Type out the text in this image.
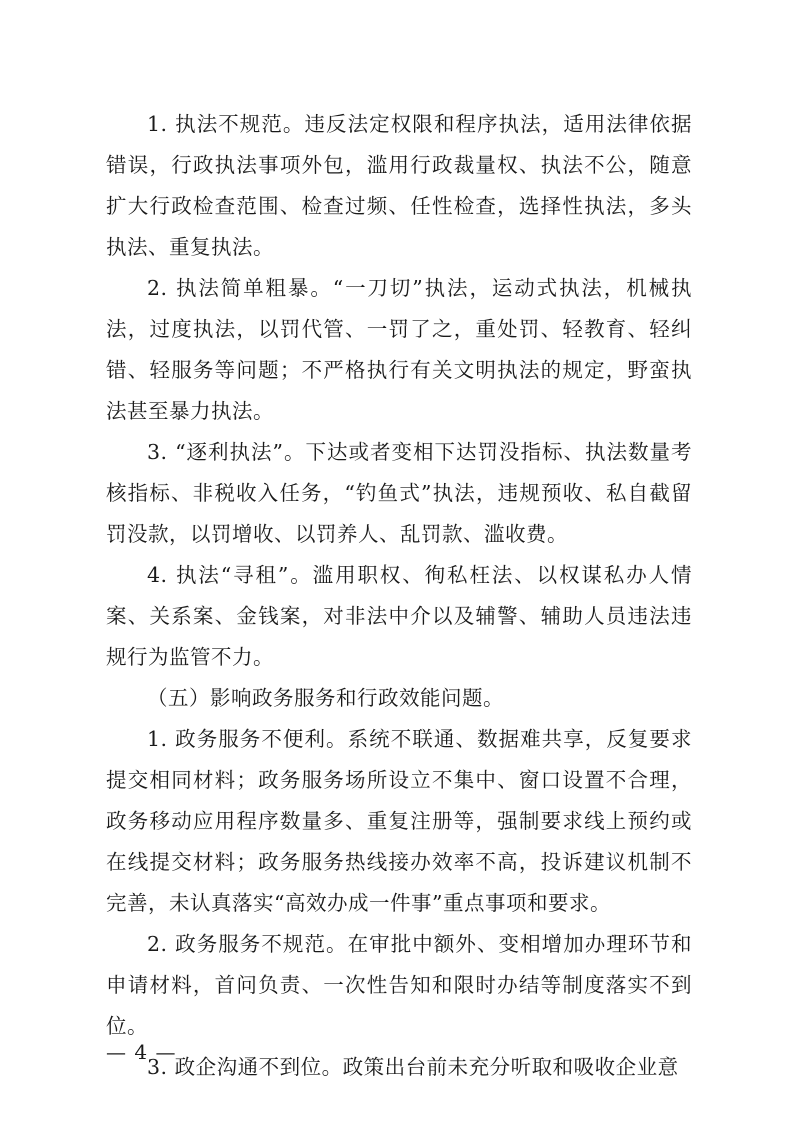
1. 执法不规范。违反法定权限和程序执法，适用法律依据错误，行政执法事项外包，滥用行政裁量权、执法不公，随意扩大行政检查范围、检查过频、任性检查，选择性执法，多头执法、重复执法。

2. 执法简单粗暴。“一刀切”执法，运动式执法，机械执法，过度执法，以罚代管、一罚了之，重处罚、轻教育、轻纠错、轻服务等问题；不严格执行有关文明执法的规定，野蛮执法甚至暴力执法。

3. “逐利执法”。下达或者变相下达罚没指标、执法数量考核指标、非税收入任务，“钓鱼式”执法，违规预收、私自截留罚没款，以罚增收、以罚养人、乱罚款、滥收费。

4. 执法“寻租”。滥用职权、徇私枉法、以权谋私办人情案、关系案、金钱案，对非法中介以及辅警、辅助人员违法违规行为监管不力。

（五）影响政务服务和行政效能问题。

1. 政务服务不便利。系统不联通、数据难共享，反复要求提交相同材料；政务服务场所设立不集中、窗口设置不合理，政务移动应用程序数量多、重复注册等，强制要求线上预约或在线提交材料；政务服务热线接办效率不高，投诉建议机制不完善，未认真落实“高效办成一件事”重点事项和要求。

2. 政务服务不规范。在审批中额外、变相增加办理环节和申请材料，首问负责、一次性告知和限时办结等制度落实不到位。

3. 政企沟通不到位。政策出台前未充分听取和吸收企业意

— 4 —
